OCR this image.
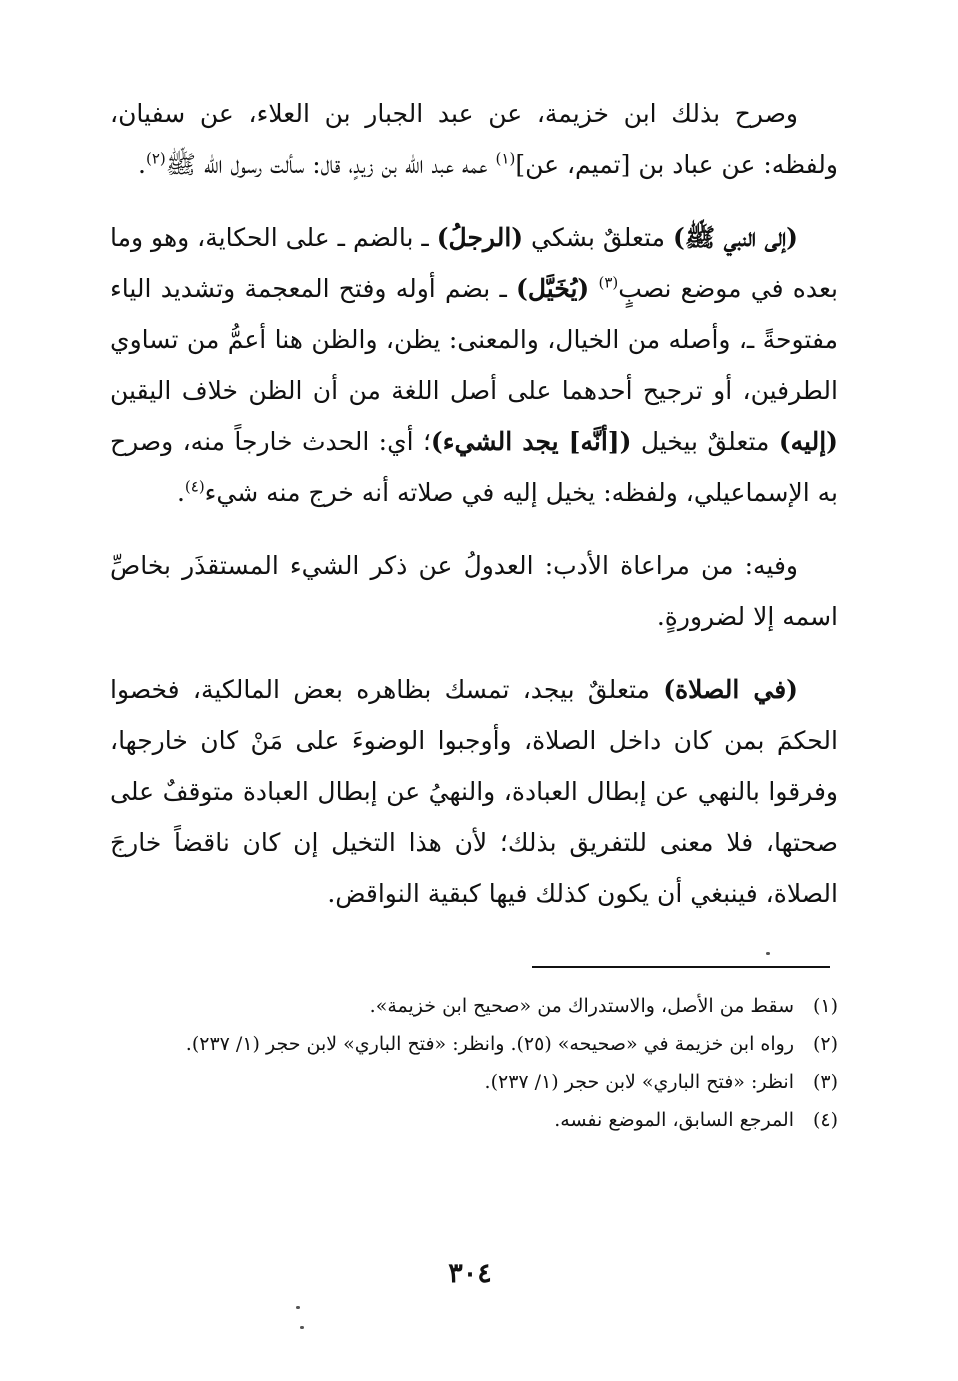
وصرح بذلك ابن خزيمة، عن عبد الجبار بن العلاء، عن سفيان، ولفظه: عن عباد بن [تميم، عن]$^{(١)}$ عمه عبد الله بن زيدٍ، قال: سألت رسول الله ﷺ$^{(٢)}$.

(إلى النبي ﷺ) متعلقٌ بشكي (الرجلُ) ـ بالضم ـ على الحكاية، وهو وما بعده في موضع نصبٍ$^{(٣)}$ (يُخَيَّل) ـ بضم أوله وفتح المعجمة وتشديد الياء مفتوحةً ـ، وأصله من الخيال، والمعنى: يظن، والظن هنا أعمُّ من تساوي الطرفين، أو ترجيح أحدهما على أصل اللغة من أن الظن خلاف اليقين (إليه) متعلقٌ بيخيل ([أنَّه] يجد الشيء)؛ أي: الحدث خارجاً منه، وصرح به الإسماعيلي، ولفظه: يخيل إليه في صلاته أنه خرج منه شيء$^{(٤)}$.

وفيه: من مراعاة الأدب: العدولُ عن ذكر الشيء المستقذَر بخاصِّ اسمه إلا لضرورةٍ.

(في الصلاة) متعلقٌ بيجد، تمسك بظاهره بعض المالكية، فخصوا الحكمَ بمن كان داخل الصلاة، وأوجبوا الوضوءَ على مَنْ كان خارجها، وفرقوا بالنهي عن إبطال العبادة، والنهيُ عن إبطال العبادة متوقفٌ على صحتها، فلا معنى للتفريق بذلك؛ لأن هذا التخيل إن كان ناقضاً خارجَ الصلاة، فينبغي أن يكون كذلك فيها كبقية النواقض.

(١)
سقط من الأصل، والاستدراك من «صحيح ابن خزيمة».
(٢)
رواه ابن خزيمة في «صحيحه» (٢٥). وانظر: «فتح الباري» لابن حجر (١/ ٢٣٧).
(٣)
انظر: «فتح الباري» لابن حجر (١/ ٢٣٧).
(٤)
المرجع السابق، الموضع نفسه.
٣٠٤
